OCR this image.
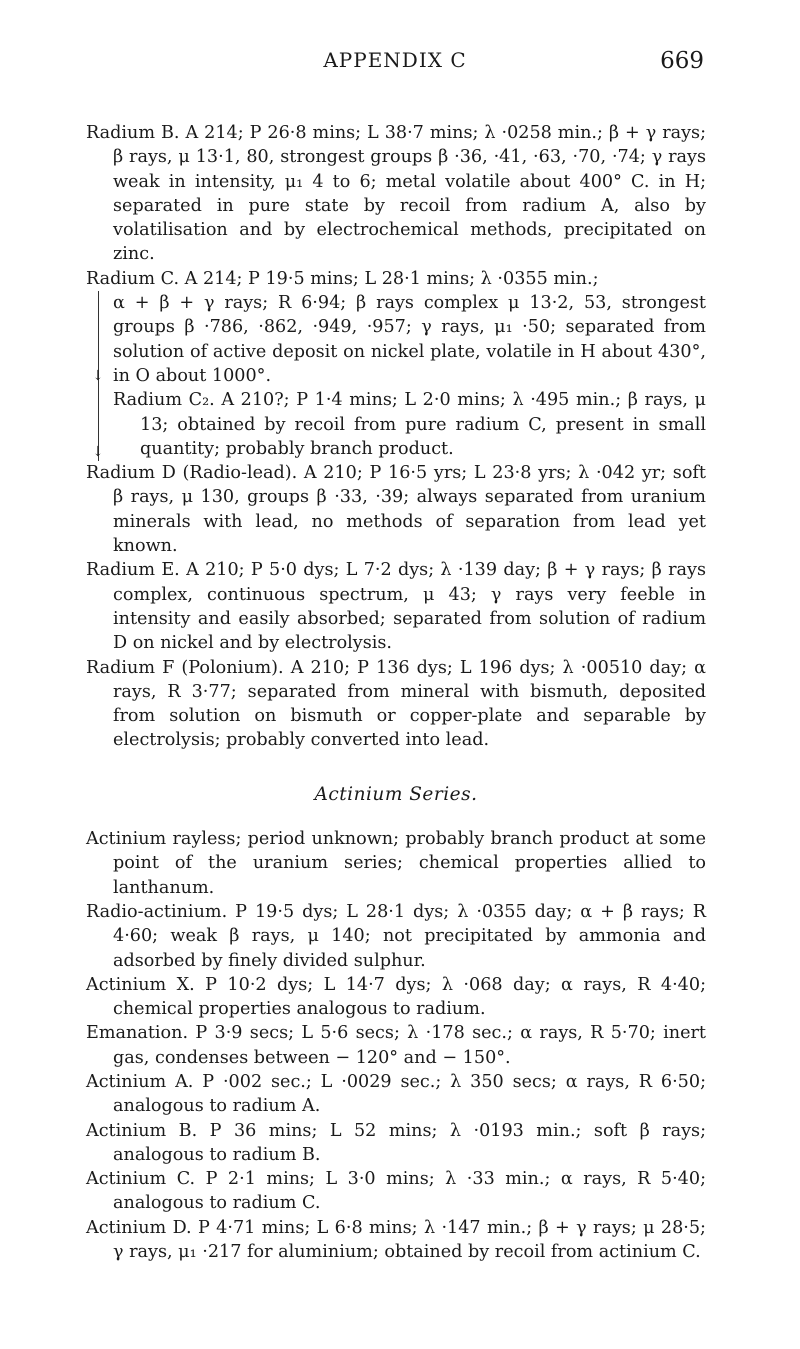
APPENDIX C	669

Radium B. A 214; P 26·8 mins; L 38·7 mins; λ ·0258 min.; β + γ rays; β rays, μ 13·1, 80, strongest groups β ·36, ·41, ·63, ·70, ·74; γ rays weak in intensity, μ₁ 4 to 6; metal volatile about 400° C. in H; separated in pure state by recoil from radium A, also by volatilisation and by electrochemical methods, precipitated on zinc.

Radium C. A 214; P 19·5 mins; L 28·1 mins; λ ·0355 min.;

↓
↓

α + β + γ rays; R 6·94; β rays complex μ 13·2, 53, strongest groups β ·786, ·862, ·949, ·957; γ rays, μ₁ ·50; separated from solution of active deposit on nickel plate, volatile in H about 430°, in O about 1000°.

Radium C₂. A 210?; P 1·4 mins; L 2·0 mins; λ ·495 min.; β rays, μ 13; obtained by recoil from pure radium C, present in small quantity; probably branch product.

Radium D (Radio-lead). A 210; P 16·5 yrs; L 23·8 yrs; λ ·042 yr; soft β rays, μ 130, groups β ·33, ·39; always separated from uranium minerals with lead, no methods of separation from lead yet known.

Radium E. A 210; P 5·0 dys; L 7·2 dys; λ ·139 day; β + γ rays; β rays complex, continuous spectrum, μ 43; γ rays very feeble in intensity and easily absorbed; separated from solution of radium D on nickel and by electrolysis.

Radium F (Polonium). A 210; P 136 dys; L 196 dys; λ ·00510 day; α rays, R 3·77; separated from mineral with bismuth, deposited from solution on bismuth or copper-plate and separable by electrolysis; probably converted into lead.

Actinium Series.

Actinium rayless; period unknown; probably branch product at some point of the uranium series; chemical properties allied to lanthanum.

Radio-actinium. P 19·5 dys; L 28·1 dys; λ ·0355 day; α + β rays; R 4·60; weak β rays, μ 140; not precipitated by ammonia and adsorbed by finely divided sulphur.

Actinium X. P 10·2 dys; L 14·7 dys; λ ·068 day; α rays, R 4·40; chemical properties analogous to radium.

Emanation. P 3·9 secs; L 5·6 secs; λ ·178 sec.; α rays, R 5·70; inert gas, condenses between − 120° and − 150°.

Actinium A. P ·002 sec.; L ·0029 sec.; λ 350 secs; α rays, R 6·50; analogous to radium A.

Actinium B. P 36 mins; L 52 mins; λ ·0193 min.; soft β rays; analogous to radium B.

Actinium C. P 2·1 mins; L 3·0 mins; λ ·33 min.; α rays, R 5·40; analogous to radium C.

Actinium D. P 4·71 mins; L 6·8 mins; λ ·147 min.; β + γ rays; μ 28·5; γ rays, μ₁ ·217 for aluminium; obtained by recoil from actinium C.
